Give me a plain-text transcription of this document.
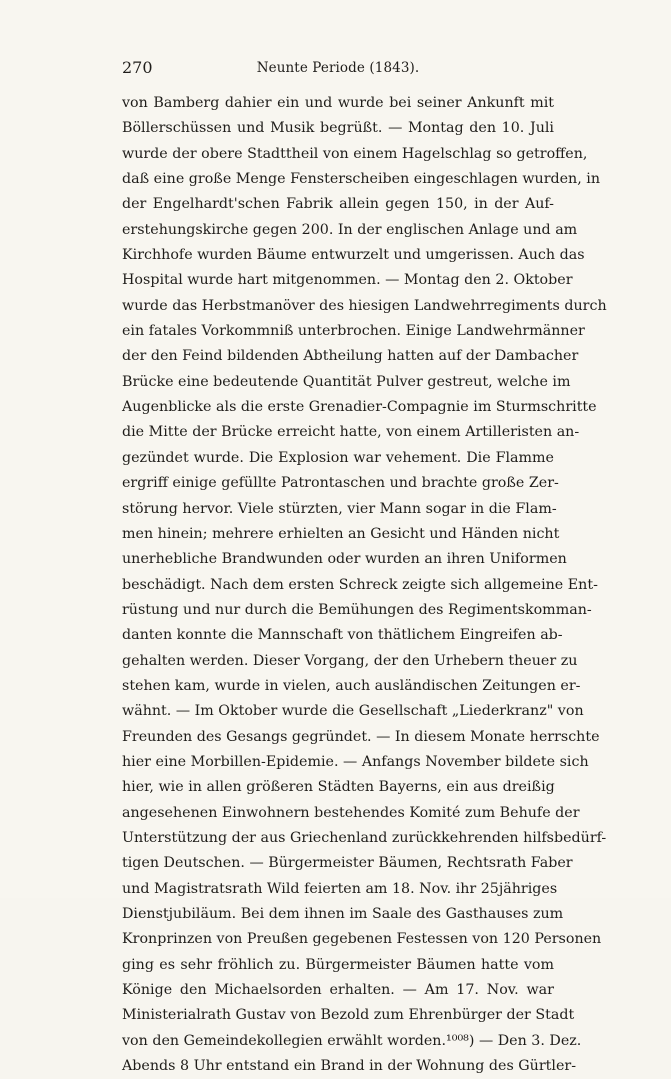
270	Neunte Periode (1843).
von Bamberg dahier ein und wurde bei seiner Ankunft mit
Böllerschüssen und Musik begrüßt. — Montag den 10. Juli
wurde der obere Stadttheil von einem Hagelschlag so getroffen,
daß eine große Menge Fensterscheiben eingeschlagen wurden, in
der Engelhardt'schen Fabrik allein gegen 150, in der Auf-
erstehungskirche gegen 200. In der englischen Anlage und am
Kirchhofe wurden Bäume entwurzelt und umgerissen. Auch das
Hospital wurde hart mitgenommen. — Montag den 2. Oktober
wurde das Herbstmanöver des hiesigen Landwehrregiments durch
ein fatales Vorkommniß unterbrochen. Einige Landwehrmänner
der den Feind bildenden Abtheilung hatten auf der Dambacher
Brücke eine bedeutende Quantität Pulver gestreut, welche im
Augenblicke als die erste Grenadier-Compagnie im Sturmschritte
die Mitte der Brücke erreicht hatte, von einem Artilleristen an-
gezündet wurde. Die Explosion war vehement. Die Flamme
ergriff einige gefüllte Patrontaschen und brachte große Zer-
störung hervor. Viele stürzten, vier Mann sogar in die Flam-
men hinein; mehrere erhielten an Gesicht und Händen nicht
unerhebliche Brandwunden oder wurden an ihren Uniformen
beschädigt. Nach dem ersten Schreck zeigte sich allgemeine Ent-
rüstung und nur durch die Bemühungen des Regimentskomman-
danten konnte die Mannschaft von thätlichem Eingreifen ab-
gehalten werden. Dieser Vorgang, der den Urhebern theuer zu
stehen kam, wurde in vielen, auch ausländischen Zeitungen er-
wähnt. — Im Oktober wurde die Gesellschaft „Liederkranz" von
Freunden des Gesangs gegründet. — In diesem Monate herrschte
hier eine Morbillen-Epidemie. — Anfangs November bildete sich
hier, wie in allen größeren Städten Bayerns, ein aus dreißig
angesehenen Einwohnern bestehendes Komité zum Behufe der
Unterstützung der aus Griechenland zurückkehrenden hilfsbedürf-
tigen Deutschen. — Bürgermeister Bäumen, Rechtsrath Faber
und Magistratsrath Wild feierten am 18. Nov. ihr 25jähriges
Dienstjubiläum. Bei dem ihnen im Saale des Gasthauses zum
Kronprinzen von Preußen gegebenen Festessen von 120 Personen
ging es sehr fröhlich zu. Bürgermeister Bäumen hatte vom
Könige den Michaelsorden erhalten. — Am 17. Nov. war
Ministerialrath Gustav von Bezold zum Ehrenbürger der Stadt
von den Gemeindekollegien erwählt worden.¹⁰⁰⁸) — Den 3. Dez.
Abends 8 Uhr entstand ein Brand in der Wohnung des Gürtler-
